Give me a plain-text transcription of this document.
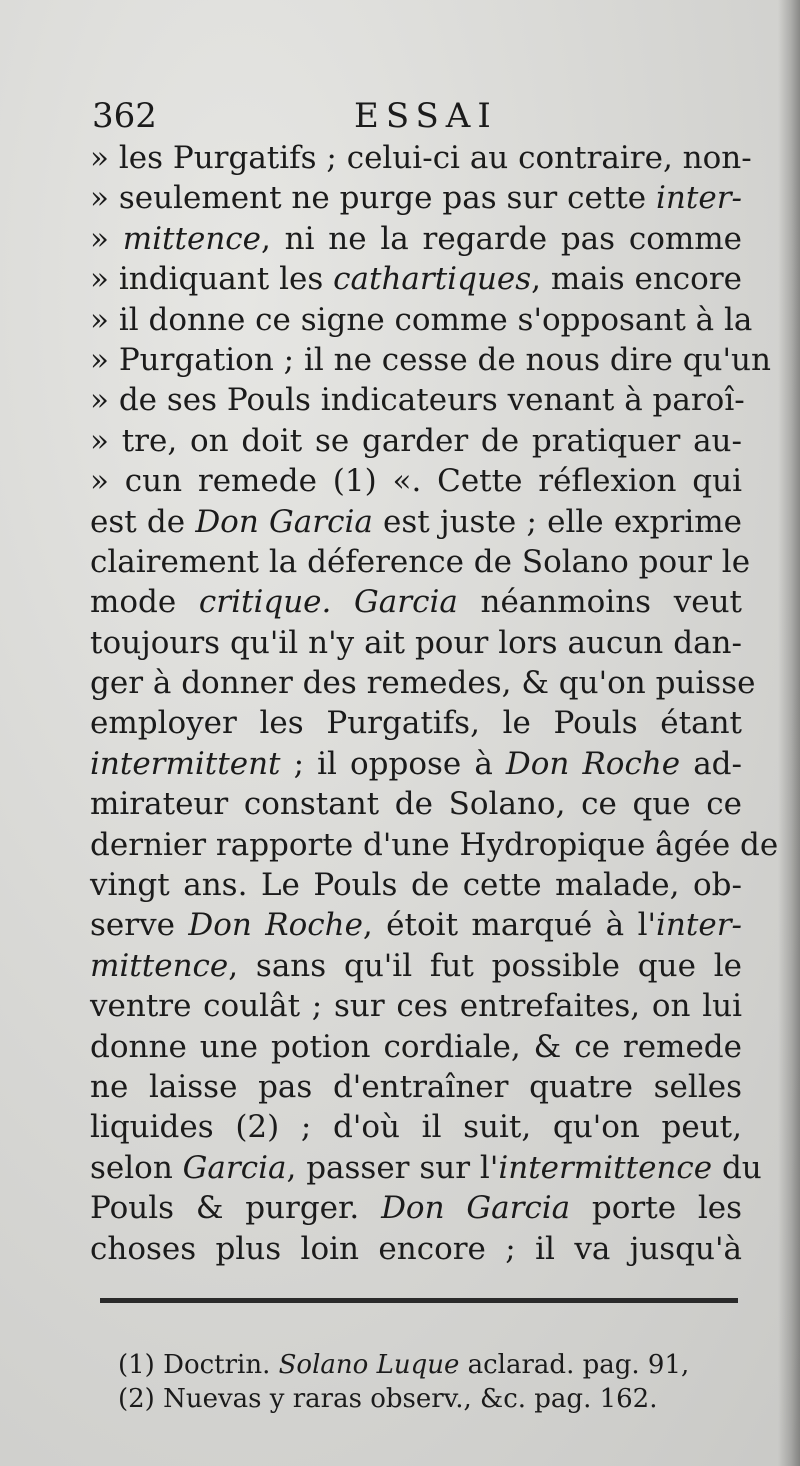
362	ESSAI
» les Purgatifs ; celui-ci au contraire, non-
» seulement ne purge pas sur cette inter-
» mittence, ni ne la regarde pas comme
» indiquant les cathartiques, mais encore
» il donne ce signe comme s'opposant à la
» Purgation ; il ne cesse de nous dire qu'un
» de ses Pouls indicateurs venant à paroî-
» tre, on doit se garder de pratiquer au-
» cun remede (1) «. Cette réflexion qui
est de Don Garcia est juste ; elle exprime
clairement la déference de Solano pour le
mode critique. Garcia néanmoins veut
toujours qu'il n'y ait pour lors aucun dan-
ger à donner des remedes, & qu'on puisse
employer les Purgatifs, le Pouls étant
intermittent ; il oppose à Don Roche ad-
mirateur constant de Solano, ce que ce
dernier rapporte d'une Hydropique âgée de
vingt ans. Le Pouls de cette malade, ob-
serve Don Roche, étoit marqué à l'inter-
mittence, sans qu'il fut possible que le
ventre coulât ; sur ces entrefaites, on lui
donne une potion cordiale, & ce remede
ne laisse pas d'entraîner quatre selles
liquides (2) ; d'où il suit, qu'on peut,
selon Garcia, passer sur l'intermittence du
Pouls & purger. Don Garcia porte les
choses plus loin encore ; il va jusqu'à
(1) Doctrin. Solano Luque aclarad. pag. 91,
(2) Nuevas y raras observ., &c. pag. 162.
